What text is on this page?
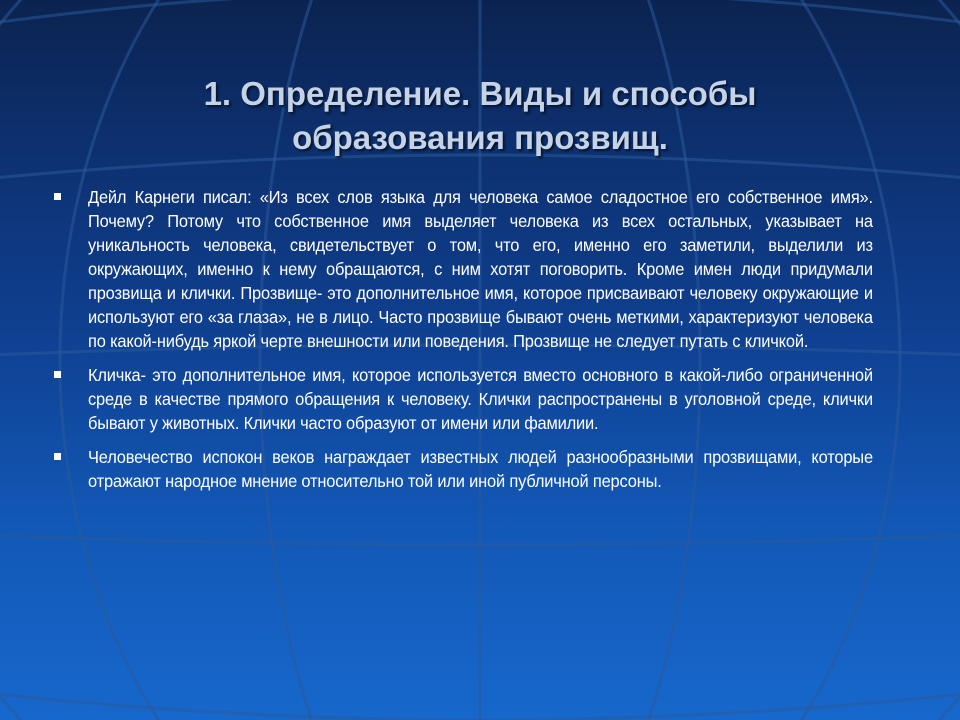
1. Определение. Виды и способы
образования прозвищ.
Дейл Карнеги писал: «Из всех слов языка для человека самое сладостное его собственное имя». Почему? Потому что собственное имя выделяет человека из всех остальных, указывает на уникальность человека, свидетельствует о том, что его, именно его заметили, выделили из окружающих, именно к нему обращаются, с ним хотят поговорить. Кроме имен люди придумали прозвища и клички. Прозвище- это дополнительное имя, которое присваивают человеку окружающие и используют его «за глаза», не в лицо. Часто прозвище бывают очень меткими, характеризуют человека по какой-нибудь яркой черте внешности или поведения. Прозвище не следует путать с кличкой.
Кличка- это дополнительное имя, которое используется вместо основного в какой-либо ограниченной среде в качестве прямого обращения к человеку. Клички распространены в уголовной среде, клички бывают у животных. Клички часто образуют от имени или фамилии.
Человечество испокон веков награждает известных людей разнообразными прозвищами, которые отражают народное мнение относительно той или иной публичной персоны.
